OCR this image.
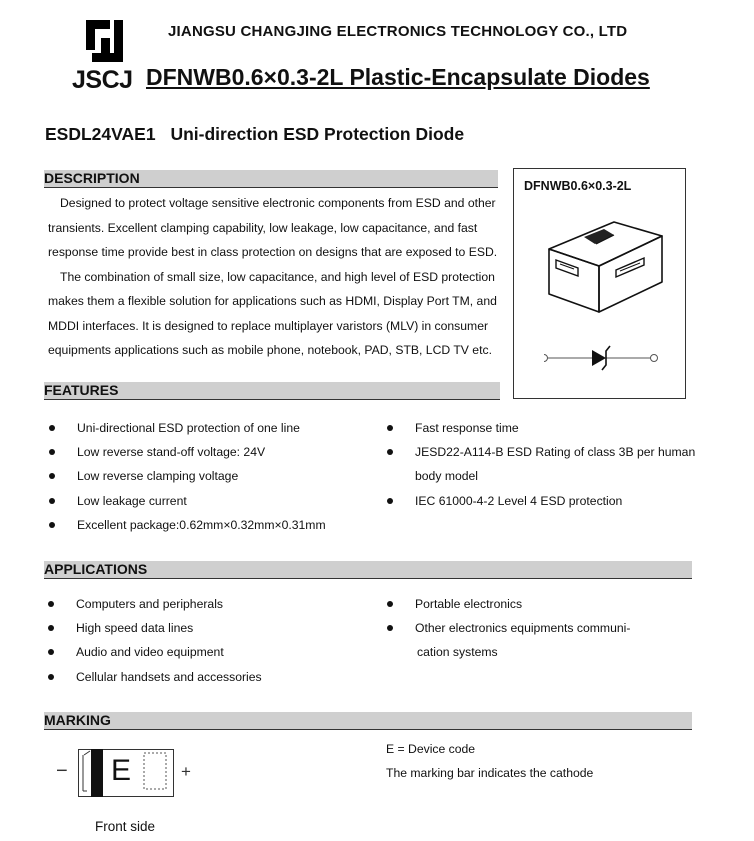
JSCJ
JIANGSU CHANGJING ELECTRONICS TECHNOLOGY CO., LTD
DFNWB0.6×0.3-2L Plastic-Encapsulate Diodes
ESDL24VAE1 Uni-direction ESD Protection Diode
DESCRIPTION
Designed to protect voltage sensitive electronic components from ESD and other
transients. Excellent clamping capability, low leakage, low capacitance, and fast
response time provide best in class protection on designs that are exposed to ESD.
The combination of small size, low capacitance, and high level of ESD protection
makes them a flexible solution for applications such as HDMI, Display Port TM, and
MDDI interfaces. It is designed to replace multiplayer varistors (MLV) in consumer
equipments applications such as mobile phone, notebook, PAD, STB, LCD TV etc.
DFNWB0.6×0.3-2L
FEATURES
Uni-directional ESD protection of one line
Low reverse stand-off voltage: 24V
Low reverse clamping voltage
Low leakage current
Excellent package:0.62mm×0.32mm×0.31mm
Fast response time
JESD22-A114-B ESD Rating of class 3B per human
body model
IEC 61000-4-2 Level 4 ESD protection
APPLICATIONS
Computers and peripherals
High speed data lines
Audio and video equipment
Cellular handsets and accessories
Portable electronics
Other electronics equipments communi-
cation systems
MARKING
− E	+
Front side
E = Device code
The marking bar indicates the cathode
